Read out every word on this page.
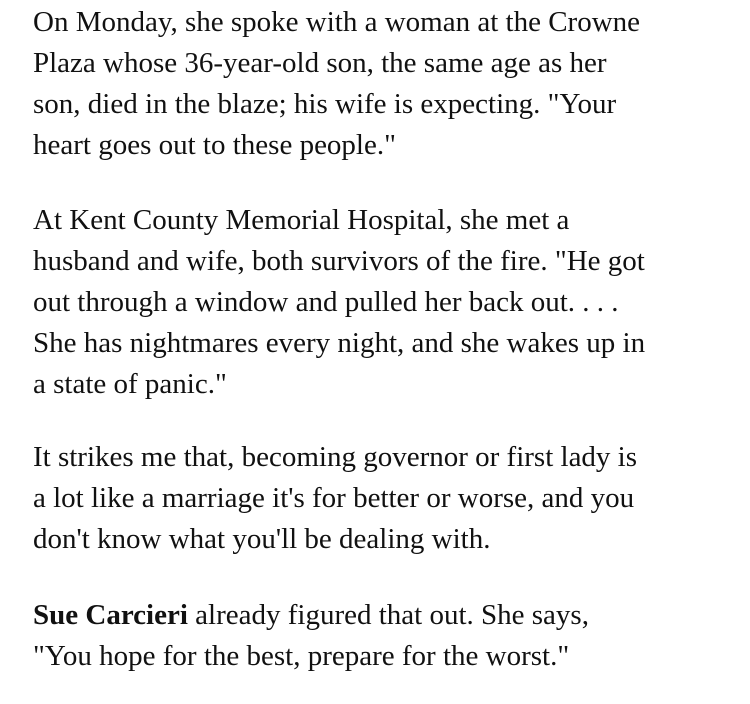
On Monday, she spoke with a woman at the Crowne
Plaza whose 36-year-old son, the same age as her
son, died in the blaze; his wife is expecting. "Your
heart goes out to these people."
At Kent County Memorial Hospital, she met a
husband and wife, both survivors of the fire. "He got
out through a window and pulled her back out. . . .
She has nightmares every night, and she wakes up in
a state of panic."
It strikes me that, becoming governor or first lady is
a lot like a marriage it's for better or worse, and you
don't know what you'll be dealing with.
Sue Carcieri already figured that out. She says,
"You hope for the best, prepare for the worst."
